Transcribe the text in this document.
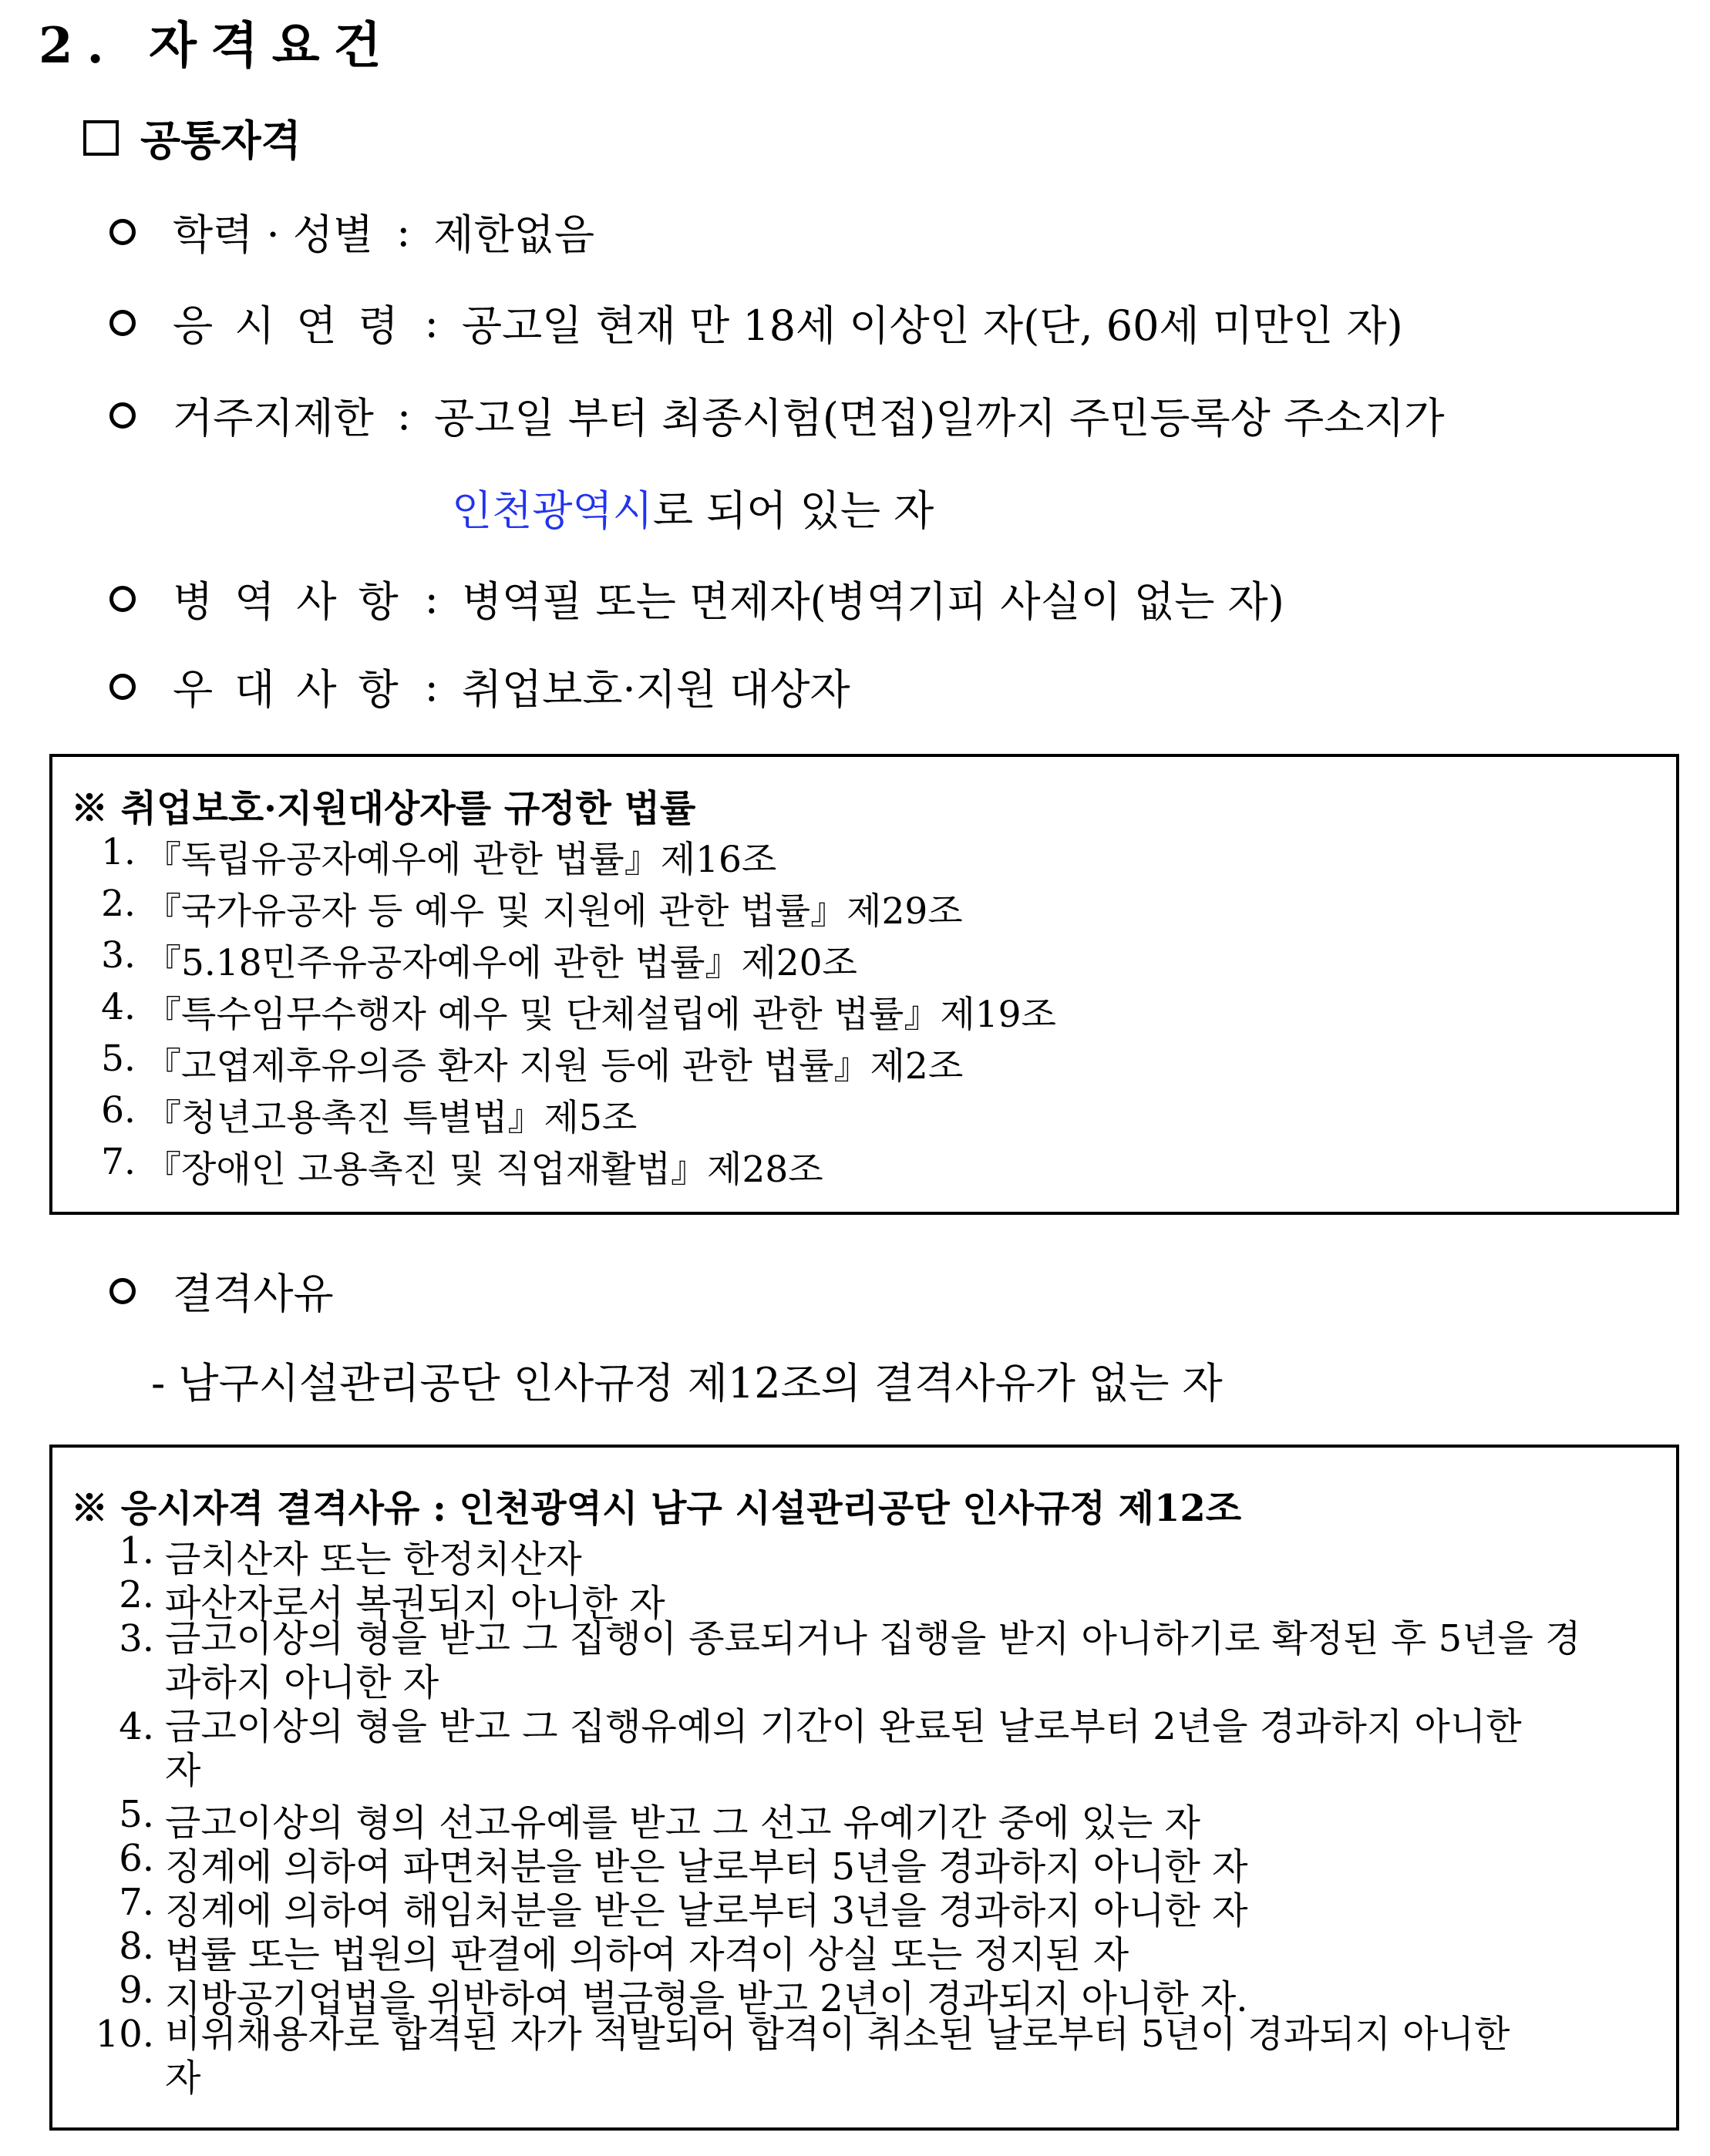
2. 자격요건
공통자격
학력 · 성별 : 제한없음
응시연령 : 공고일 현재 만 18세 이상인 자(단, 60세 미만인 자)
거주지제한 : 공고일 부터 최종시험(면접)일까지 주민등록상 주소지가
인천광역시 로 되어 있는 자
병역사항 : 병역필 또는 면제자(병역기피 사실이 없는 자)
우대사항 : 취업보호·지원 대상자
※ 취업보호·지원대상자를 규정한 법률
1. 『독립유공자예우에 관한 법률』제16조
2. 『국가유공자 등 예우 및 지원에 관한 법률』제29조
3. 『5.18민주유공자예우에 관한 법률』제20조
4. 『특수임무수행자 예우 및 단체설립에 관한 법률』제19조
5. 『고엽제후유의증 환자 지원 등에 관한 법률』제2조
6. 『청년고용촉진 특별법』제5조
7. 『장애인 고용촉진 및 직업재활법』제28조
결격사유
- 남구시설관리공단 인사규정 제12조의 결격사유가 없는 자
※ 응시자격 결격사유 : 인천광역시 남구 시설관리공단 인사규정 제12조
1. 금치산자 또는 한정치산자
2. 파산자로서 복권되지 아니한 자
3. 금고이상의 형을 받고 그 집행이 종료되거나 집행을 받지 아니하기로 확정된 후 5년을 경과하지 아니한 자
4. 금고이상의 형을 받고 그 집행유예의 기간이 완료된 날로부터 2년을 경과하지 아니한 자
5. 금고이상의 형의 선고유예를 받고 그 선고 유예기간 중에 있는 자
6. 징계에 의하여 파면처분을 받은 날로부터 5년을 경과하지 아니한 자
7. 징계에 의하여 해임처분을 받은 날로부터 3년을 경과하지 아니한 자
8. 법률 또는 법원의 판결에 의하여 자격이 상실 또는 정지된 자
9. 지방공기업법을 위반하여 벌금형을 받고 2년이 경과되지 아니한 자.
10. 비위채용자로 합격된 자가 적발되어 합격이 취소된 날로부터 5년이 경과되지 아니한 자
